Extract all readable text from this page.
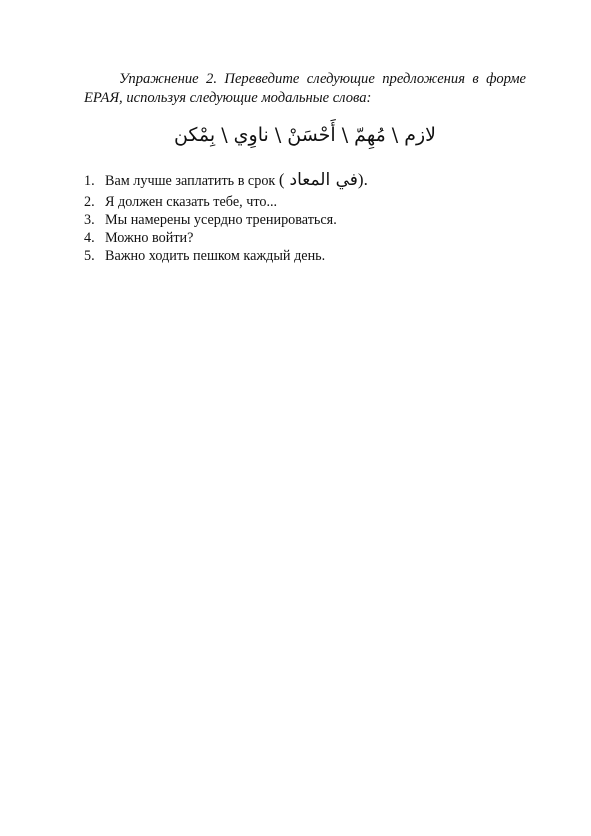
Упражнение 2. Переведите следующие предложения в форме ЕРАЯ, используя следующие модальные слова:

لازم \ مُهِمّ \ أَحْسَنْ \ ناوِي \ بِمْكن

1. Вам лучше заплатить в срок ( في المعاد).
2. Я должен сказать тебе, что...
3. Мы намерены усердно тренироваться.
4. Можно войти?
5. Важно ходить пешком каждый день.
